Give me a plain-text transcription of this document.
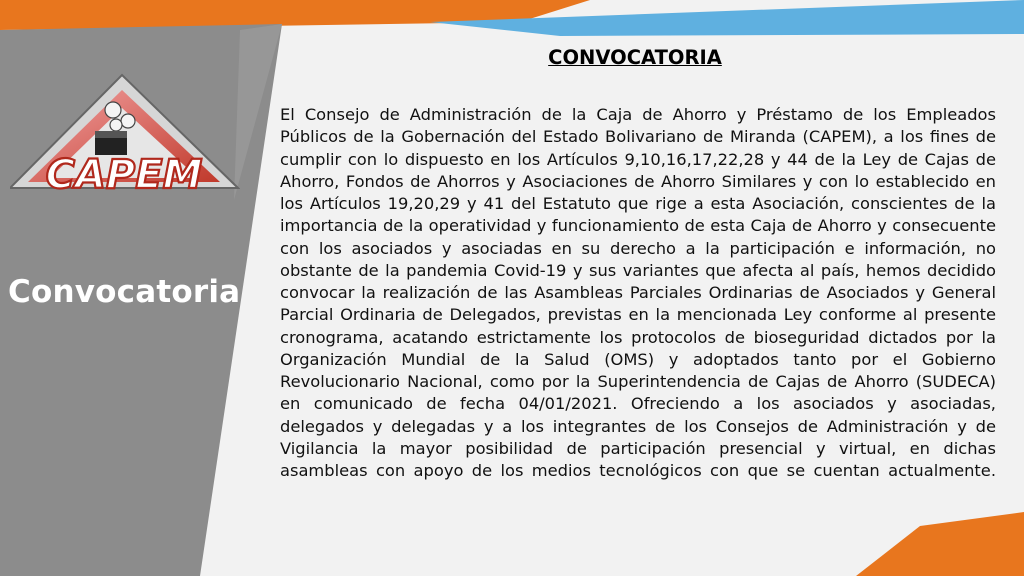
CAPEM
Convocatoria
CONVOCATORIA
El Consejo de Administración de la Caja de Ahorro y Préstamo de los Empleados Públicos de la Gobernación del Estado Bolivariano de Miranda (CAPEM), a los fines de cumplir con lo dispuesto en los Artículos 9,10,16,17,22,28 y 44 de la Ley de Cajas de Ahorro, Fondos de Ahorros y Asociaciones de Ahorro Similares y con lo establecido en los Artículos 19,20,29 y 41 del Estatuto que rige a esta Asociación, conscientes de la importancia de la operatividad y funcionamiento de esta Caja de Ahorro y consecuente con los asociados y asociadas en su derecho a la participación e información, no obstante de la pandemia Covid-19 y sus variantes que afecta al país, hemos decidido convocar la realización de las Asambleas Parciales Ordinarias de Asociados y General Parcial Ordinaria de Delegados, previstas en la mencionada Ley conforme al presente cronograma, acatando estrictamente los protocolos de bioseguridad dictados por la Organización Mundial de la Salud (OMS) y adoptados tanto por el Gobierno Revolucionario Nacional, como por la Superintendencia de Cajas de Ahorro (SUDECA) en comunicado de fecha 04/01/2021. Ofreciendo a los asociados y asociadas, delegados y delegadas y a los integrantes de los Consejos de Administración y de Vigilancia la mayor posibilidad de participación presencial y virtual, en dichas asambleas con apoyo de los medios tecnológicos con que se cuentan actualmente.
